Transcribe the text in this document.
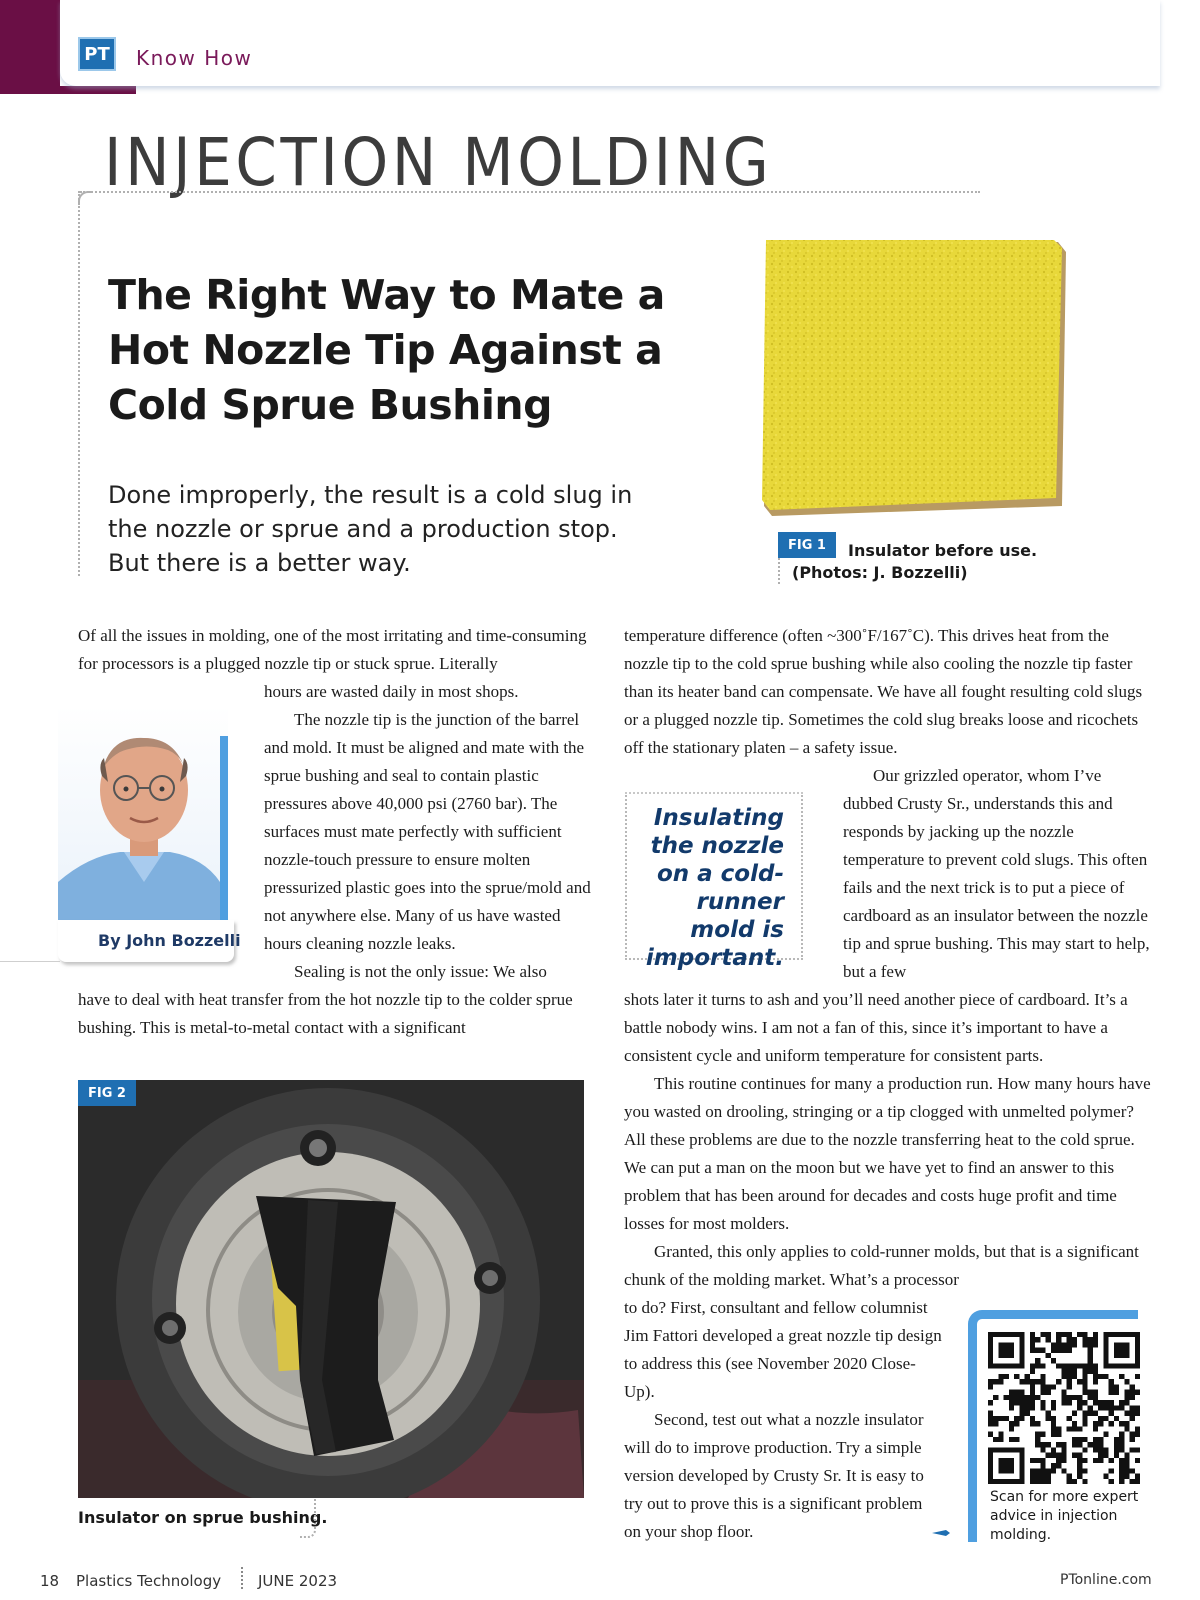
PT	Know How
INJECTION MOLDING
The Right Way to Mate a Hot Nozzle Tip Against a Cold Sprue Bushing

Done improperly, the result is a cold slug in the nozzle or sprue and a production stop. But there is a better way.

FIG 1	Insulator before use. (Photos: J. Bozzelli)

Of all the issues in molding, one of the most irritating and time-consuming for processors is a plugged nozzle tip or stuck sprue. Literally

hours are wasted daily in most shops.

The nozzle tip is the junction of the barrel and mold. It must be aligned and mate with the sprue bushing and seal to contain plastic pressures above 40,000 psi (2760 bar). The surfaces must mate perfectly with sufficient nozzle-touch pressure to ensure molten pressurized plastic goes into the sprue/mold and not anywhere else. Many of us have wasted hours cleaning nozzle leaks.

Sealing is not the only issue: We also

have to deal with heat transfer from the hot nozzle tip to the colder sprue bushing. This is metal-to-metal contact with a significant

By John Bozzelli

temperature difference (often ~300˚F/167˚C). This drives heat from the nozzle tip to the cold sprue bushing while also cooling the nozzle tip faster than its heater band can compensate. We have all fought resulting cold slugs or a plugged nozzle tip. Sometimes the cold slug breaks loose and ricochets off the stationary platen – a safety issue.

Our grizzled operator, whom I’ve dubbed Crusty Sr., understands this and responds by jacking up the nozzle temperature to prevent cold slugs. This often fails and the next trick is to put a piece of cardboard as an insulator between the nozzle tip and sprue bushing. This may start to help, but a few

shots later it turns to ash and you’ll need another piece of cardboard. It’s a battle nobody wins. I am not a fan of this, since it’s important to have a consistent cycle and uniform temperature for consistent parts.

This routine continues for many a production run. How many hours have you wasted on drooling, stringing or a tip clogged with unmelted polymer? All these problems are due to the nozzle transferring heat to the cold sprue. We can put a man on the moon but we have yet to find an answer to this problem that has been around for decades and costs huge profit and time losses for most molders.

Granted, this only applies to cold-runner molds, but that is a significant chunk of the molding market. What’s a processor

to do? First, consultant and fellow columnist Jim Fattori developed a great nozzle tip design to address this (see November 2020 Close-Up).

Second, test out what a nozzle insulator will do to improve production. Try a simple version developed by Crusty Sr. It is easy to try out to prove this is a significant problem on your shop floor.

Insulating the nozzle on a cold-runner mold is important.
FIG 2
Insulator on sprue bushing.
Scan for more expert advice in injection molding.
18 Plastics Technology JUNE 2023	PTonline.com
